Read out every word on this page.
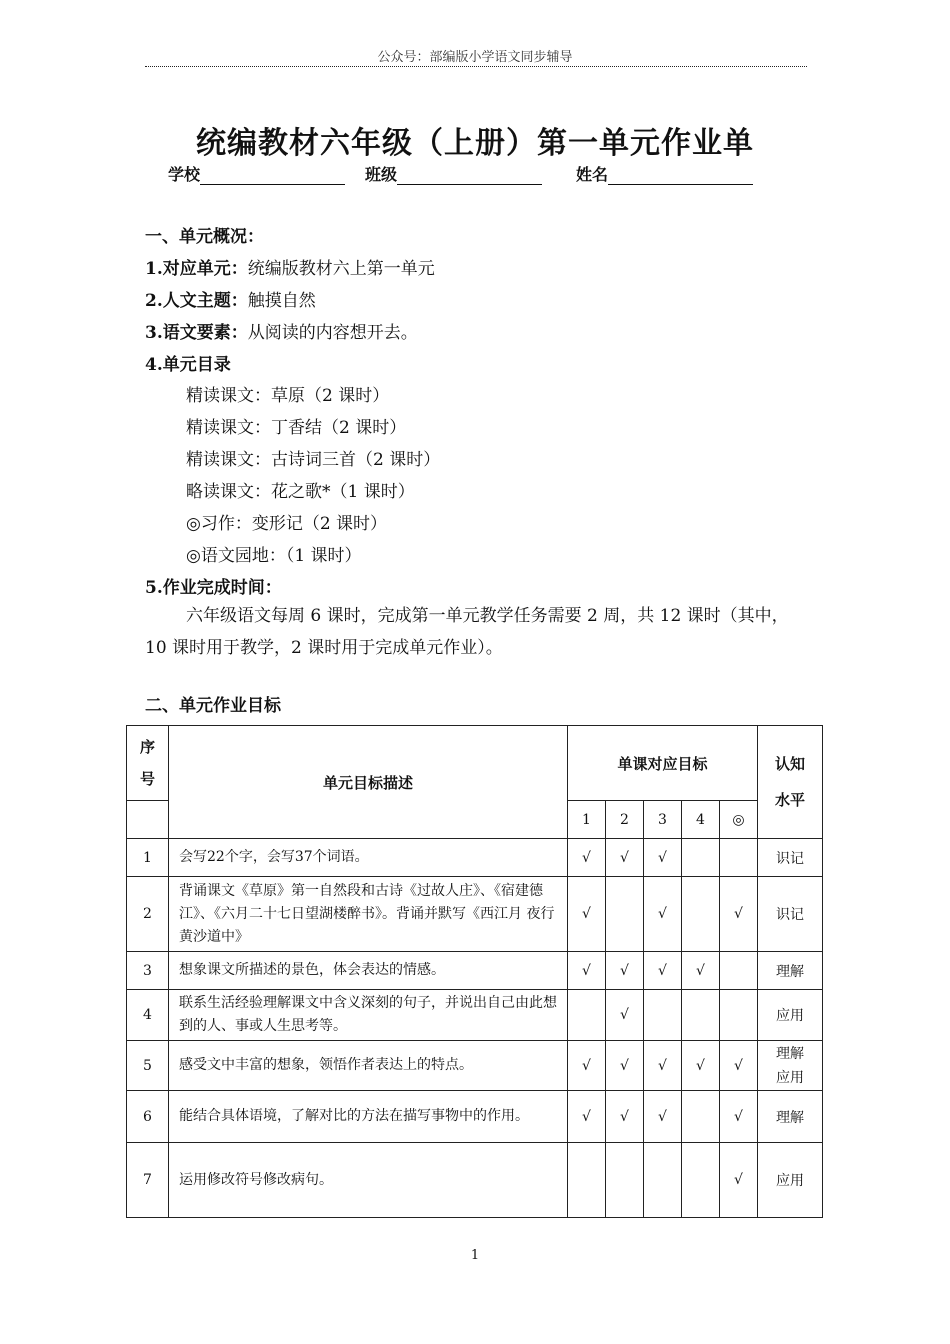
公众号：部编版小学语文同步辅导
统编教材六年级（上册）第一单元作业单
学校	班级	姓名
一、单元概况：
1.对应单元：统编版教材六上第一单元
2.人文主题：触摸自然
3.语文要素：从阅读的内容想开去。
4.单元目录
精读课文：草原（2 课时）
精读课文：丁香结（2 课时）
精读课文：古诗词三首（2 课时）
略读课文：花之歌*（1 课时）
◎习作：变形记（2 课时）
◎语文园地：（1 课时）
5.作业完成时间：
六年级语文每周 6 课时，完成第一单元教学任务需要 2 周，共 12 课时（其中，10 课时用于教学，2 课时用于完成单元作业）。
二、单元作业目标
序号	单元目标描述	单课对应目标					认知水平
		1	2	3	4	◎	
1	会写22个字，会写37个词语。	√	√	√			识记
2	背诵课文《草原》第一自然段和古诗《过故人庄》、《宿建德江》、《六月二十七日望湖楼醉书》。背诵并默写《西江月 夜行黄沙道中》	√		√		√	识记
3	想象课文所描述的景色，体会表达的情感。	√	√	√	√		理解
4	联系生活经验理解课文中含义深刻的句子，并说出自己由此想到的人、事或人生思考等。		√				应用
5	感受文中丰富的想象，领悟作者表达上的特点。	√	√	√	√	√	理解应用
6	能结合具体语境，了解对比的方法在描写事物中的作用。	√	√	√		√	理解
7	运用修改符号修改病句。					√	应用
1
